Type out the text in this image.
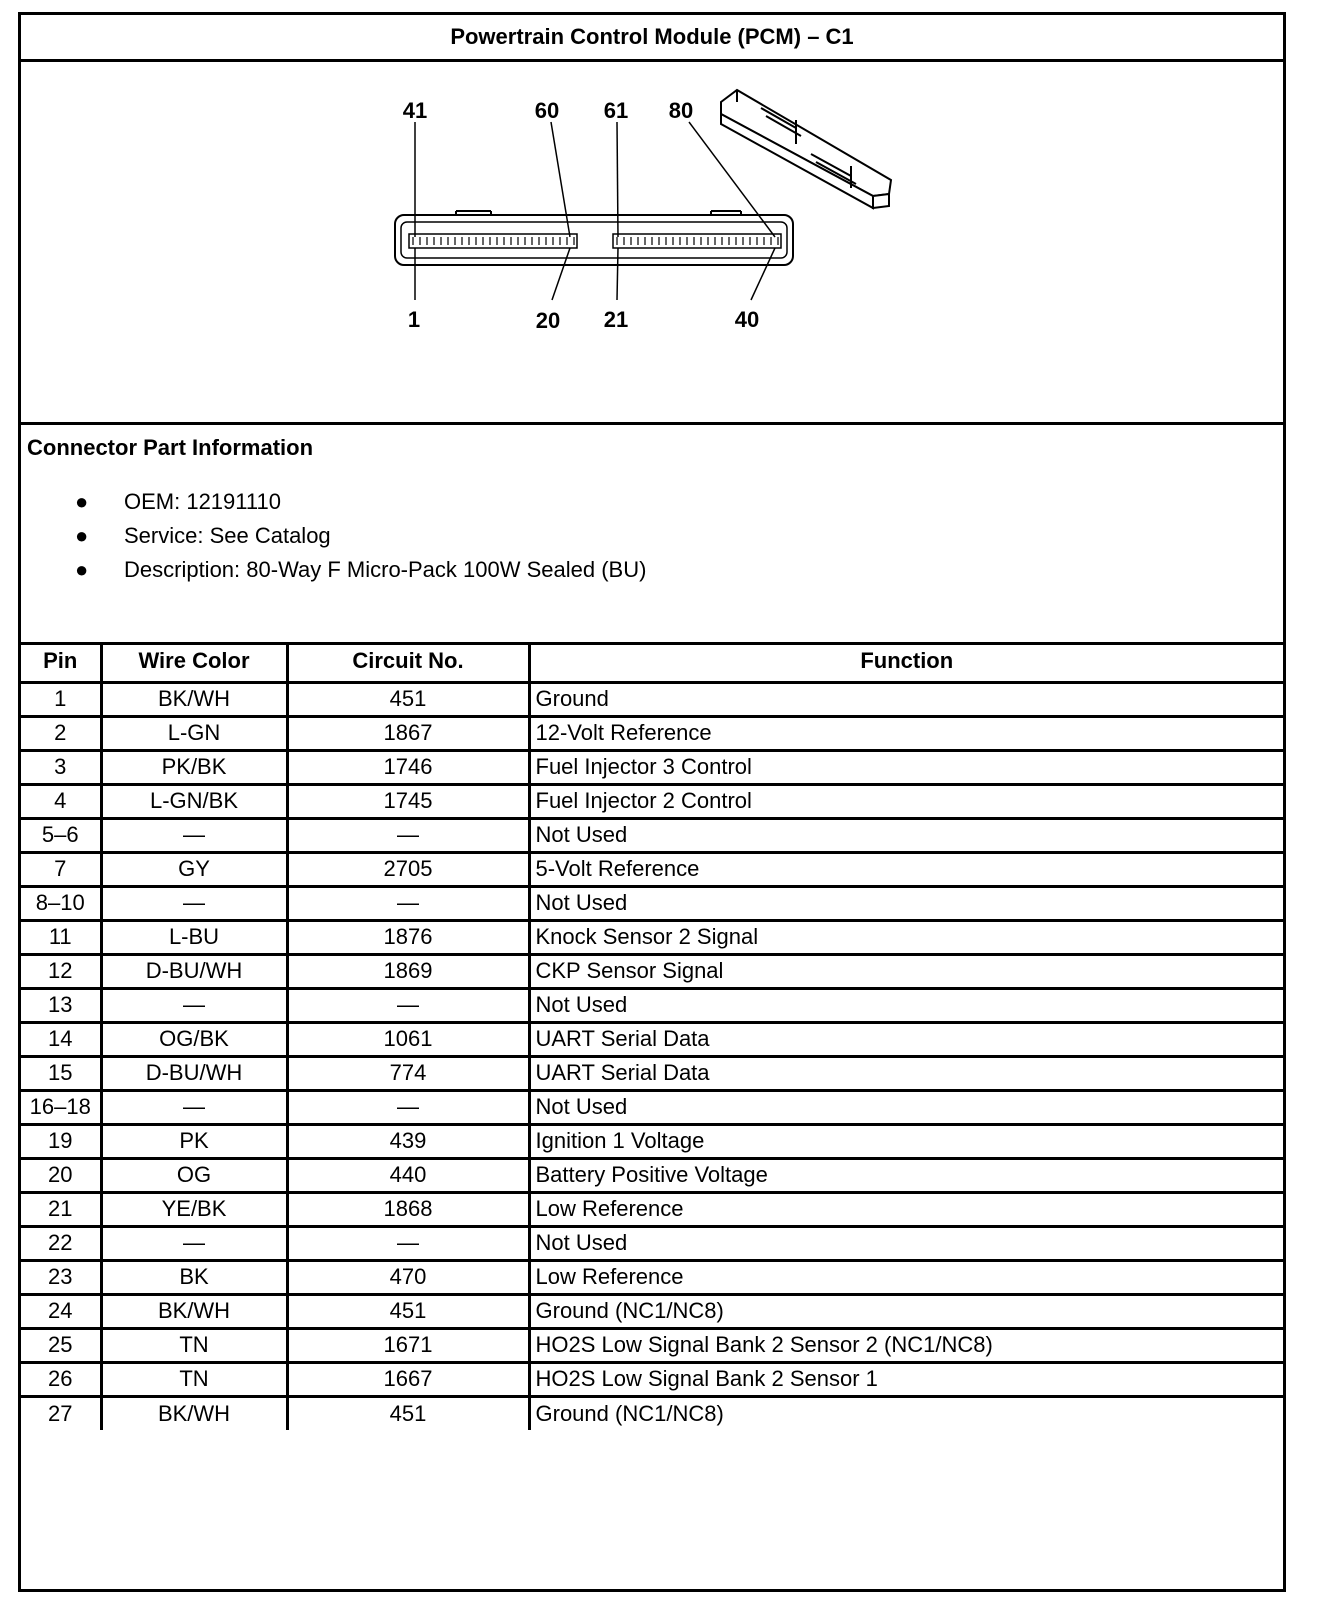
Powertrain Control Module (PCM) – C1
41	60 61 80
1	20 21	40
Connector Part Information
● OEM: 12191110
● Service: See Catalog
● Description: 80-Way F Micro-Pack 100W Sealed (BU)
Pin	Wire Color	Circuit No.	Function
1	BK/WH	451	Ground
2	L-GN	1867	12-Volt Reference
3	PK/BK	1746	Fuel Injector 3 Control
4	L-GN/BK	1745	Fuel Injector 2 Control
5–6	—	—	Not Used
7	GY	2705	5-Volt Reference
8–10	—	—	Not Used
11	L-BU	1876	Knock Sensor 2 Signal
12	D-BU/WH	1869	CKP Sensor Signal
13	—	—	Not Used
14	OG/BK	1061	UART Serial Data
15	D-BU/WH	774	UART Serial Data
16–18	—	—	Not Used
19	PK	439	Ignition 1 Voltage
20	OG	440	Battery Positive Voltage
21	YE/BK	1868	Low Reference
22	—	—	Not Used
23	BK	470	Low Reference
24	BK/WH	451	Ground (NC1/NC8)
25	TN	1671	HO2S Low Signal Bank 2 Sensor 2 (NC1/NC8)
26	TN	1667	HO2S Low Signal Bank 2 Sensor 1
27	BK/WH	451	Ground (NC1/NC8)
